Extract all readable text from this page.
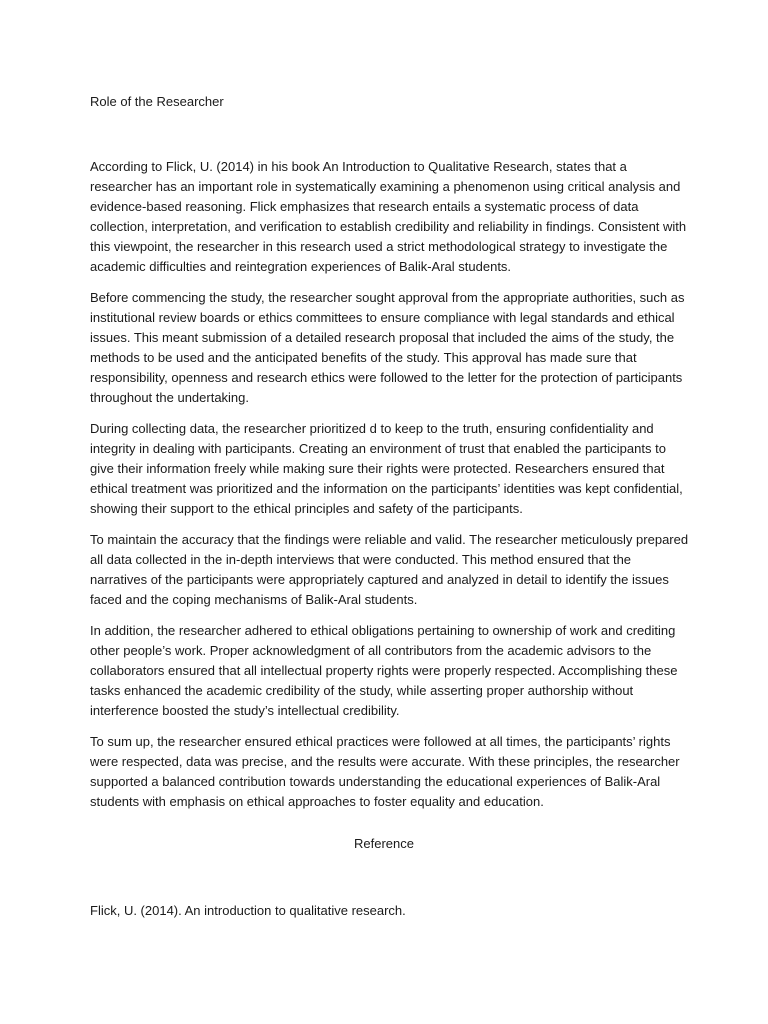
Role of the Researcher

According to Flick, U. (2014) in his book An Introduction to Qualitative Research, states that a researcher has an important role in systematically examining a phenomenon using critical analysis and evidence-based reasoning. Flick emphasizes that research entails a systematic process of data collection, interpretation, and verification to establish credibility and reliability in findings. Consistent with this viewpoint, the researcher in this research used a strict methodological strategy to investigate the academic difficulties and reintegration experiences of Balik-Aral students.

Before commencing the study, the researcher sought approval from the appropriate authorities, such as institutional review boards or ethics committees to ensure compliance with legal standards and ethical issues. This meant submission of a detailed research proposal that included the aims of the study, the methods to be used and the anticipated benefits of the study. This approval has made sure that responsibility, openness and research ethics were followed to the letter for the protection of participants throughout the undertaking.

During collecting data, the researcher prioritized d to keep to the truth, ensuring confidentiality and integrity in dealing with participants. Creating an environment of trust that enabled the participants to give their information freely while making sure their rights were protected. Researchers ensured that ethical treatment was prioritized and the information on the participants’ identities was kept confidential, showing their support to the ethical principles and safety of the participants.

To maintain the accuracy that the findings were reliable and valid. The researcher meticulously prepared all data collected in the in-depth interviews that were conducted. This method ensured that the narratives of the participants were appropriately captured and analyzed in detail to identify the issues faced and the coping mechanisms of Balik-Aral students.

In addition, the researcher adhered to ethical obligations pertaining to ownership of work and crediting other people’s work. Proper acknowledgment of all contributors from the academic advisors to the collaborators ensured that all intellectual property rights were properly respected. Accomplishing these tasks enhanced the academic credibility of the study, while asserting proper authorship without interference boosted the study’s intellectual credibility.

To sum up, the researcher ensured ethical practices were followed at all times, the participants’ rights were respected, data was precise, and the results were accurate. With these principles, the researcher supported a balanced contribution towards understanding the educational experiences of Balik-Aral students with emphasis on ethical approaches to foster equality and education.

Reference

Flick, U. (2014). An introduction to qualitative research.
